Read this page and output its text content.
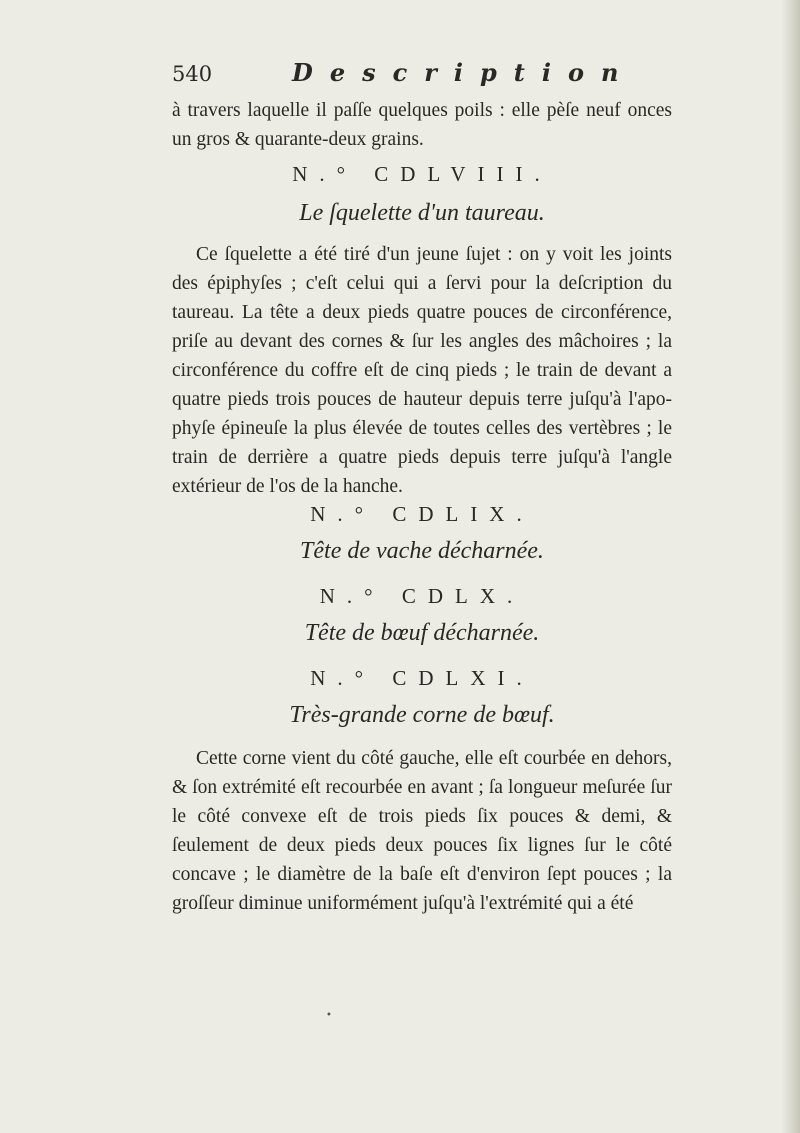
540	Description

à travers laquelle il paſſe quelques poils : elle pèſe neuf onces un gros & quarante-deux grains.

N.° CDLVIII.
Le ſquelette d'un taureau.

Ce ſquelette a été tiré d'un jeune ſujet : on y voit les joints des épiphyſes ; c'eſt celui qui a ſervi pour la deſcription du taureau. La tête a deux pieds quatre pouces de circonférence, priſe au devant des cornes & ſur les angles des mâchoires ; la circonférence du coffre eſt de cinq pieds ; le train de devant a quatre pieds trois pouces de hauteur depuis terre juſqu'à l'apo-phyſe épineuſe la plus élevée de toutes celles des vertèbres ; le train de derrière a quatre pieds depuis terre juſqu'à l'angle extérieur de l'os de la hanche.

N.° CDLIX.
Tête de vache décharnée.
N.° CDLX.
Tête de bœuf décharnée.
N.° CDLXI.
Très-grande corne de bœuf.

Cette corne vient du côté gauche, elle eſt courbée en dehors, & ſon extrémité eſt recourbée en avant ; ſa longueur meſurée ſur le côté convexe eſt de trois pieds ſix pouces & demi, & ſeulement de deux pieds deux pouces ſix lignes ſur le côté concave ; le diamètre de la baſe eſt d'environ ſept pouces ; la groſſeur diminue uniformément juſqu'à l'extrémité qui a été

•
